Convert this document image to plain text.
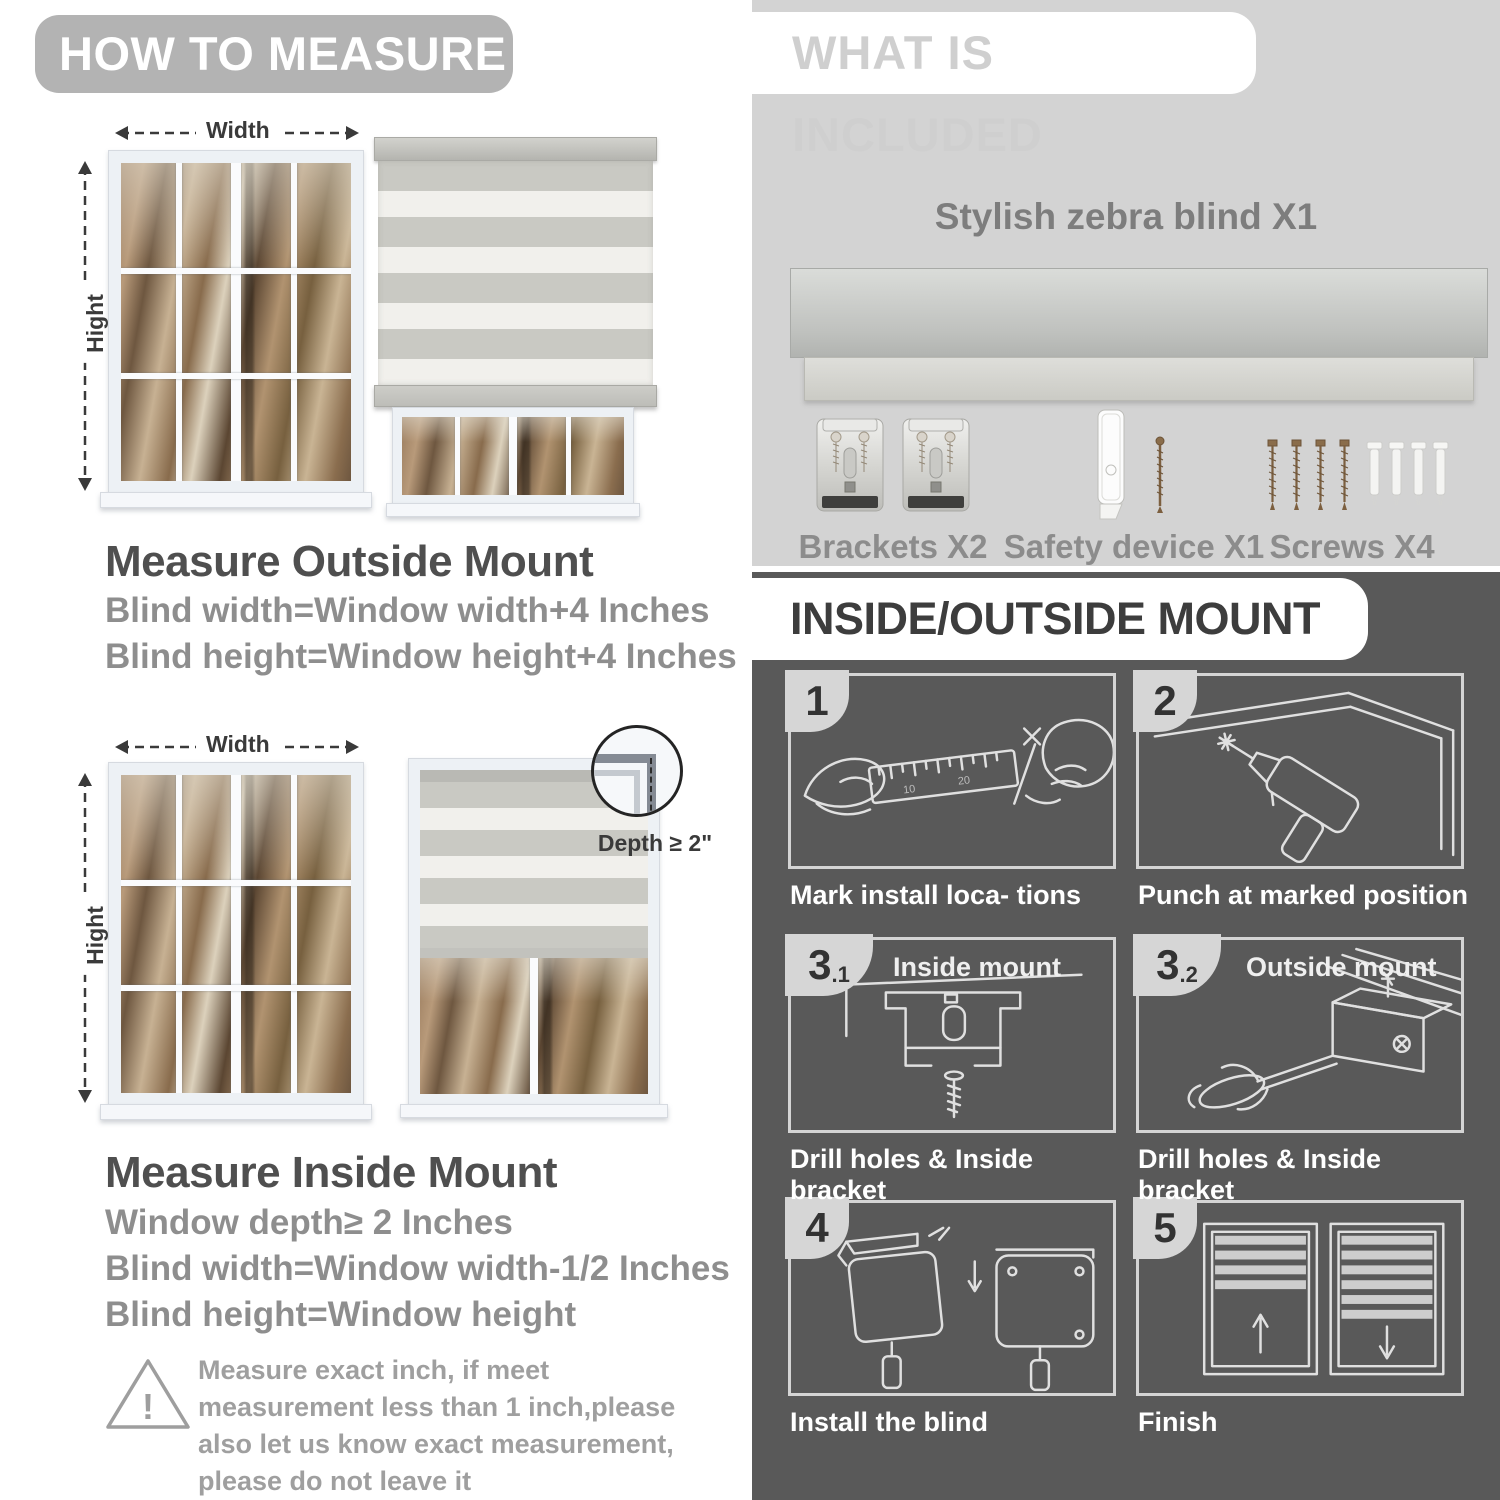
HOW TO MEASURE
Width
Hight
Measure Outside Mount
Blind width=Window width+4 Inches
Blind height=Window height+4 Inches
Width
Hight
Depth ≥ 2"
Measure Inside Mount
Window depth≥ 2 Inches
Blind width=Window width-1/2 Inches
Blind height=Window height
!
Measure exact inch, if meet measurement less than 1 inch,please also let us know exact measurement, please do not leave it
WHAT IS INCLUDED
Stylish zebra blind X1
Brackets X2 Safety device X1 Screws X4
INSIDE/OUTSIDE MOUNT
10
20
1	2
3 .1	3 .2
4	5
Inside mount	Outside mount
Mark install loca- tions	Punch at marked position
Drill holes & Inside bracket
Drill holes & Inside bracket
Install the blind	Finish
